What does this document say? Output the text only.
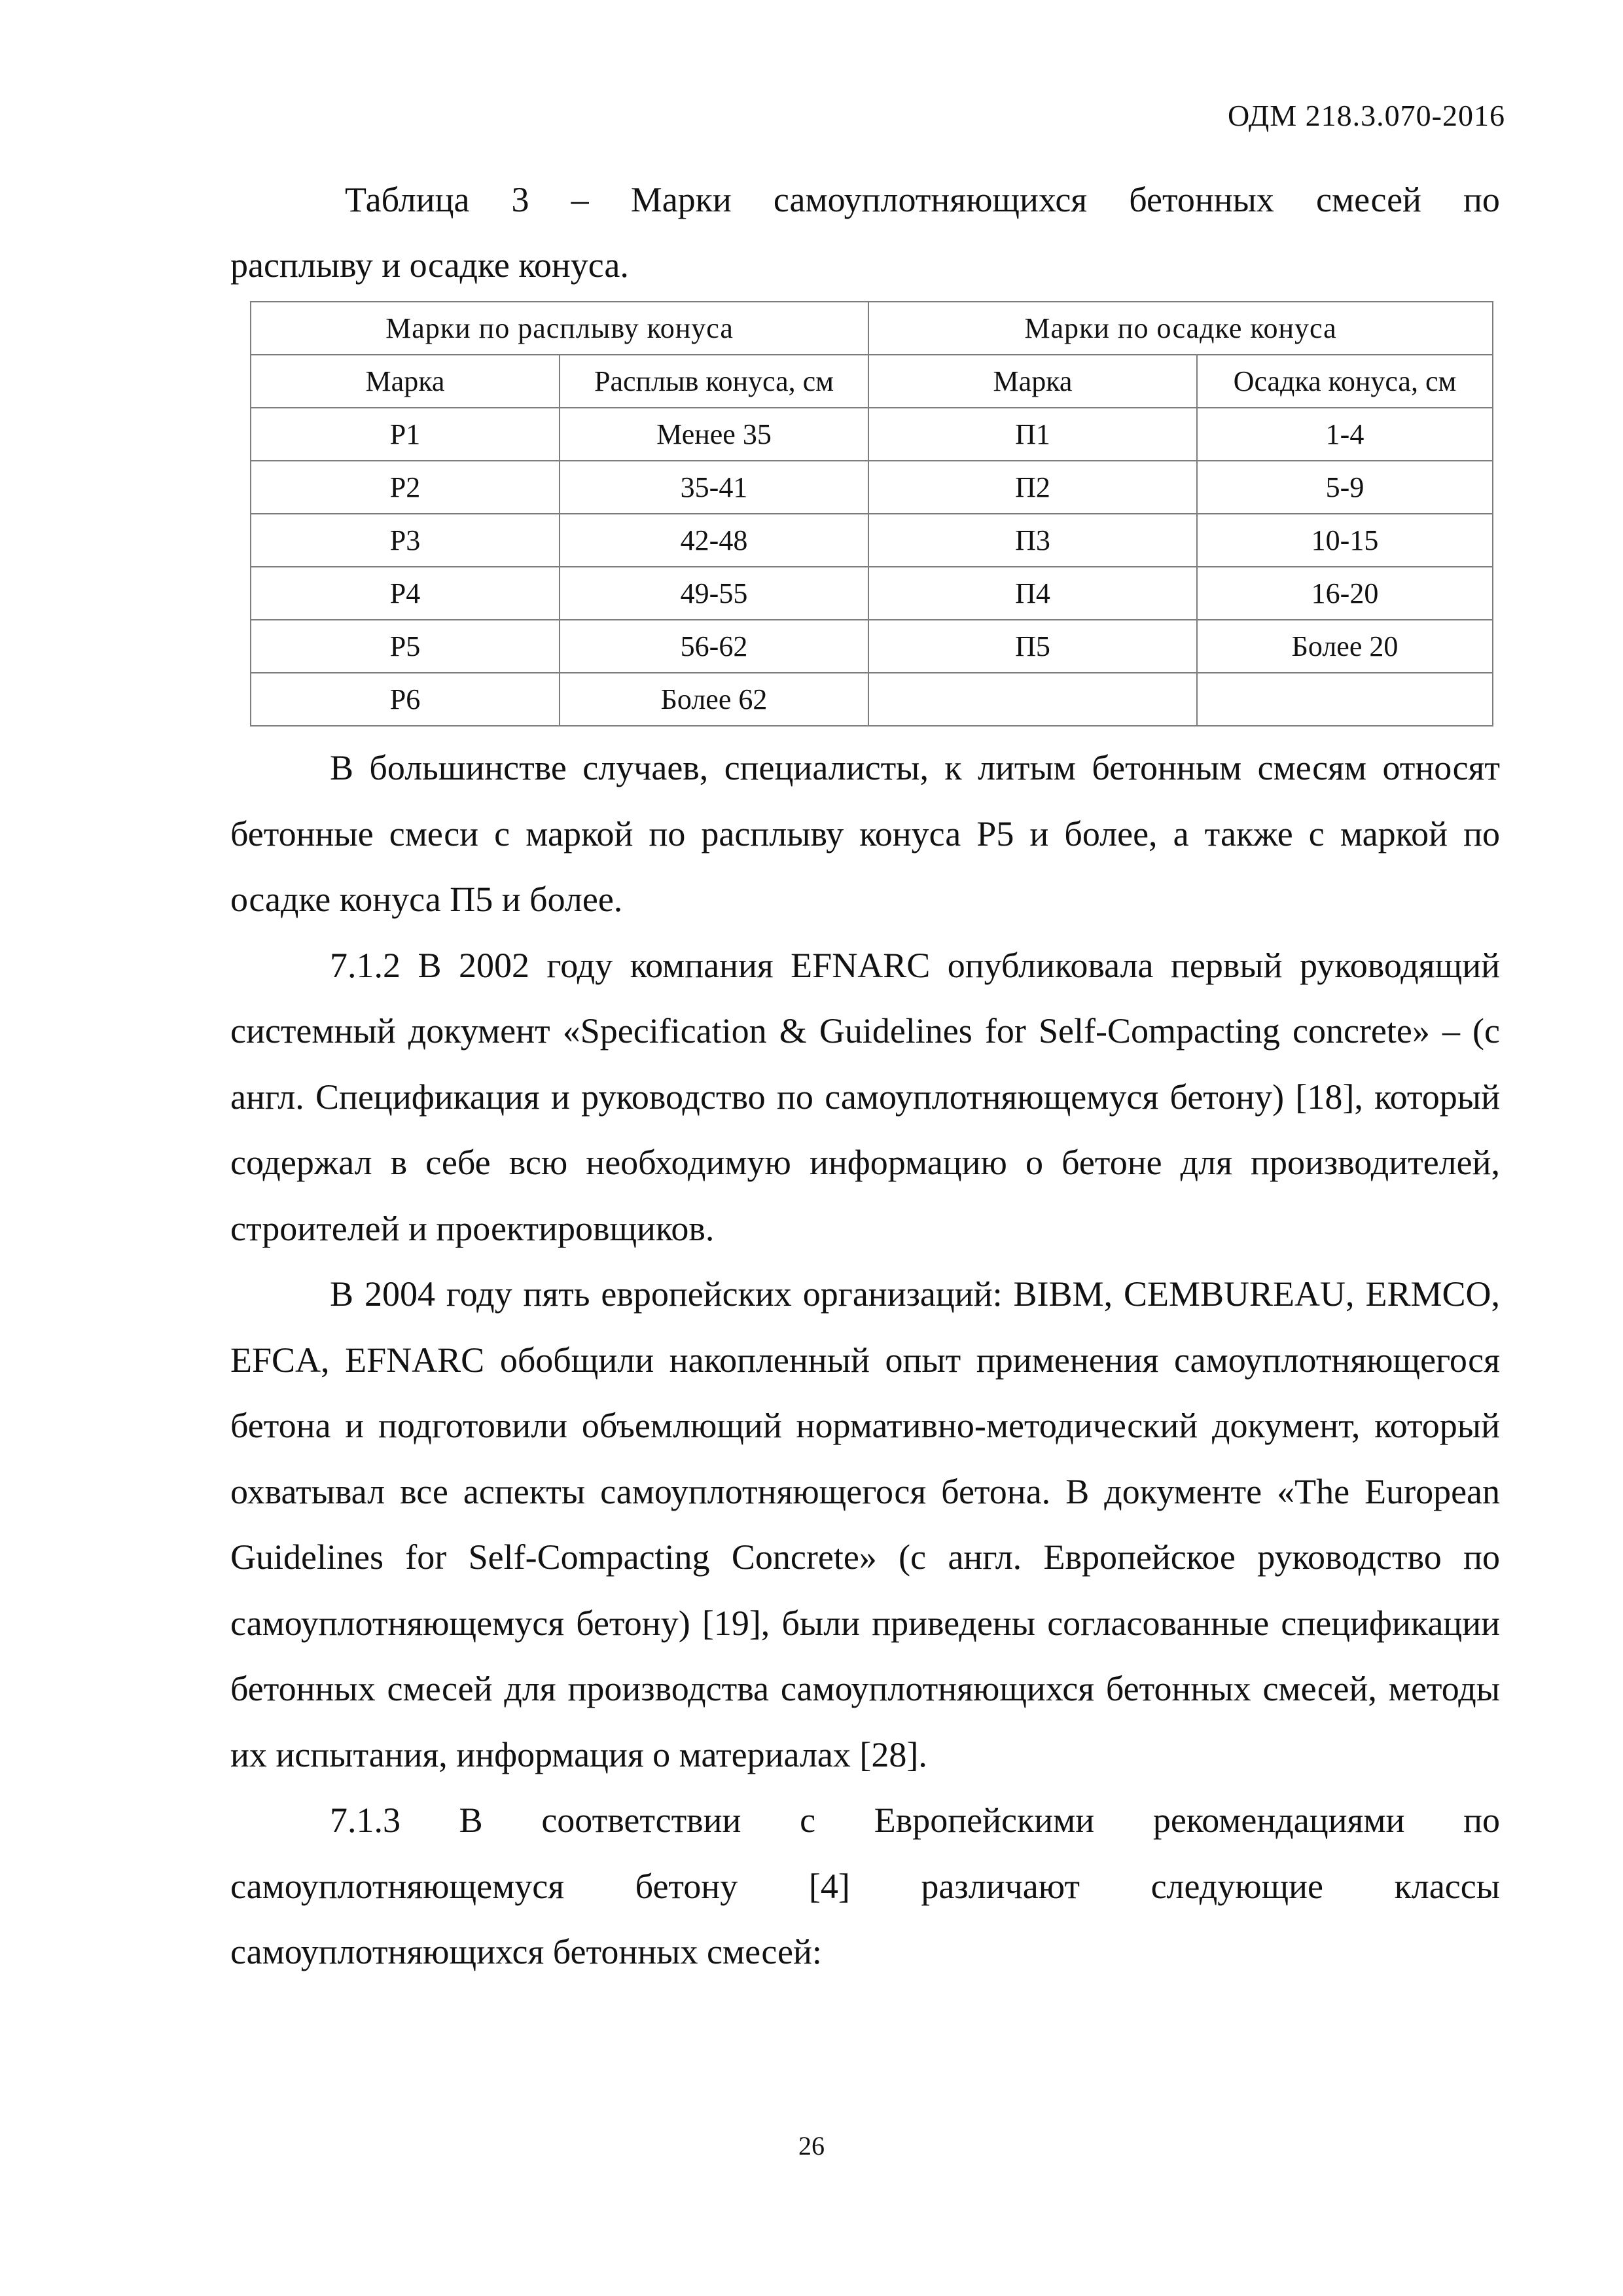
ОДМ 218.3.070-2016
Таблица 3 – Марки самоуплотняющихся бетонных смесей по
расплыву и осадке конуса.
Марки по расплыву конуса		Марки по осадке конуса	
Марка	Расплыв конуса, см	Марка	Осадка конуса, см
Р1	Менее 35	П1	1-4
Р2	35-41	П2	5-9
Р3	42-48	П3	10-15
Р4	49-55	П4	16-20
Р5	56-62	П5	Более 20
Р6	Более 62		

В большинстве случаев, специалисты, к литым бетонным смесям относят бетонные смеси с маркой по расплыву конуса Р5 и более, а также с маркой по осадке конуса П5 и более.

7.1.2 В 2002 году компания EFNARC опубликовала первый руководящий системный документ «Specification & Guidelines for Self-Compacting concrete» – (с англ. Спецификация и руководство по самоуплотняющемуся бетону) [18], который содержал в себе всю необходимую информацию о бетоне для производителей, строителей и проектировщиков.

В 2004 году пять европейских организаций: BIBM, CEMBUREAU, ERMCO, EFCA, EFNARC обобщили накопленный опыт применения самоуплотняющегося бетона и подготовили объемлющий нормативно-методический документ, который охватывал все аспекты самоуплотняющегося бетона. В документе «The European Guidelines for Self-Compacting Concrete» (с англ. Европейское руководство по самоуплотняющемуся бетону) [19], были приведены согласованные спецификации бетонных смесей для производства самоуплотняющихся бетонных смесей, методы их испытания, информация о материалах [28].

7.1.3 В соответствии с Европейскими рекомендациями по самоуплотняющемуся бетону [4] различают следующие классы самоуплотняющихся бетонных смесей:

26
